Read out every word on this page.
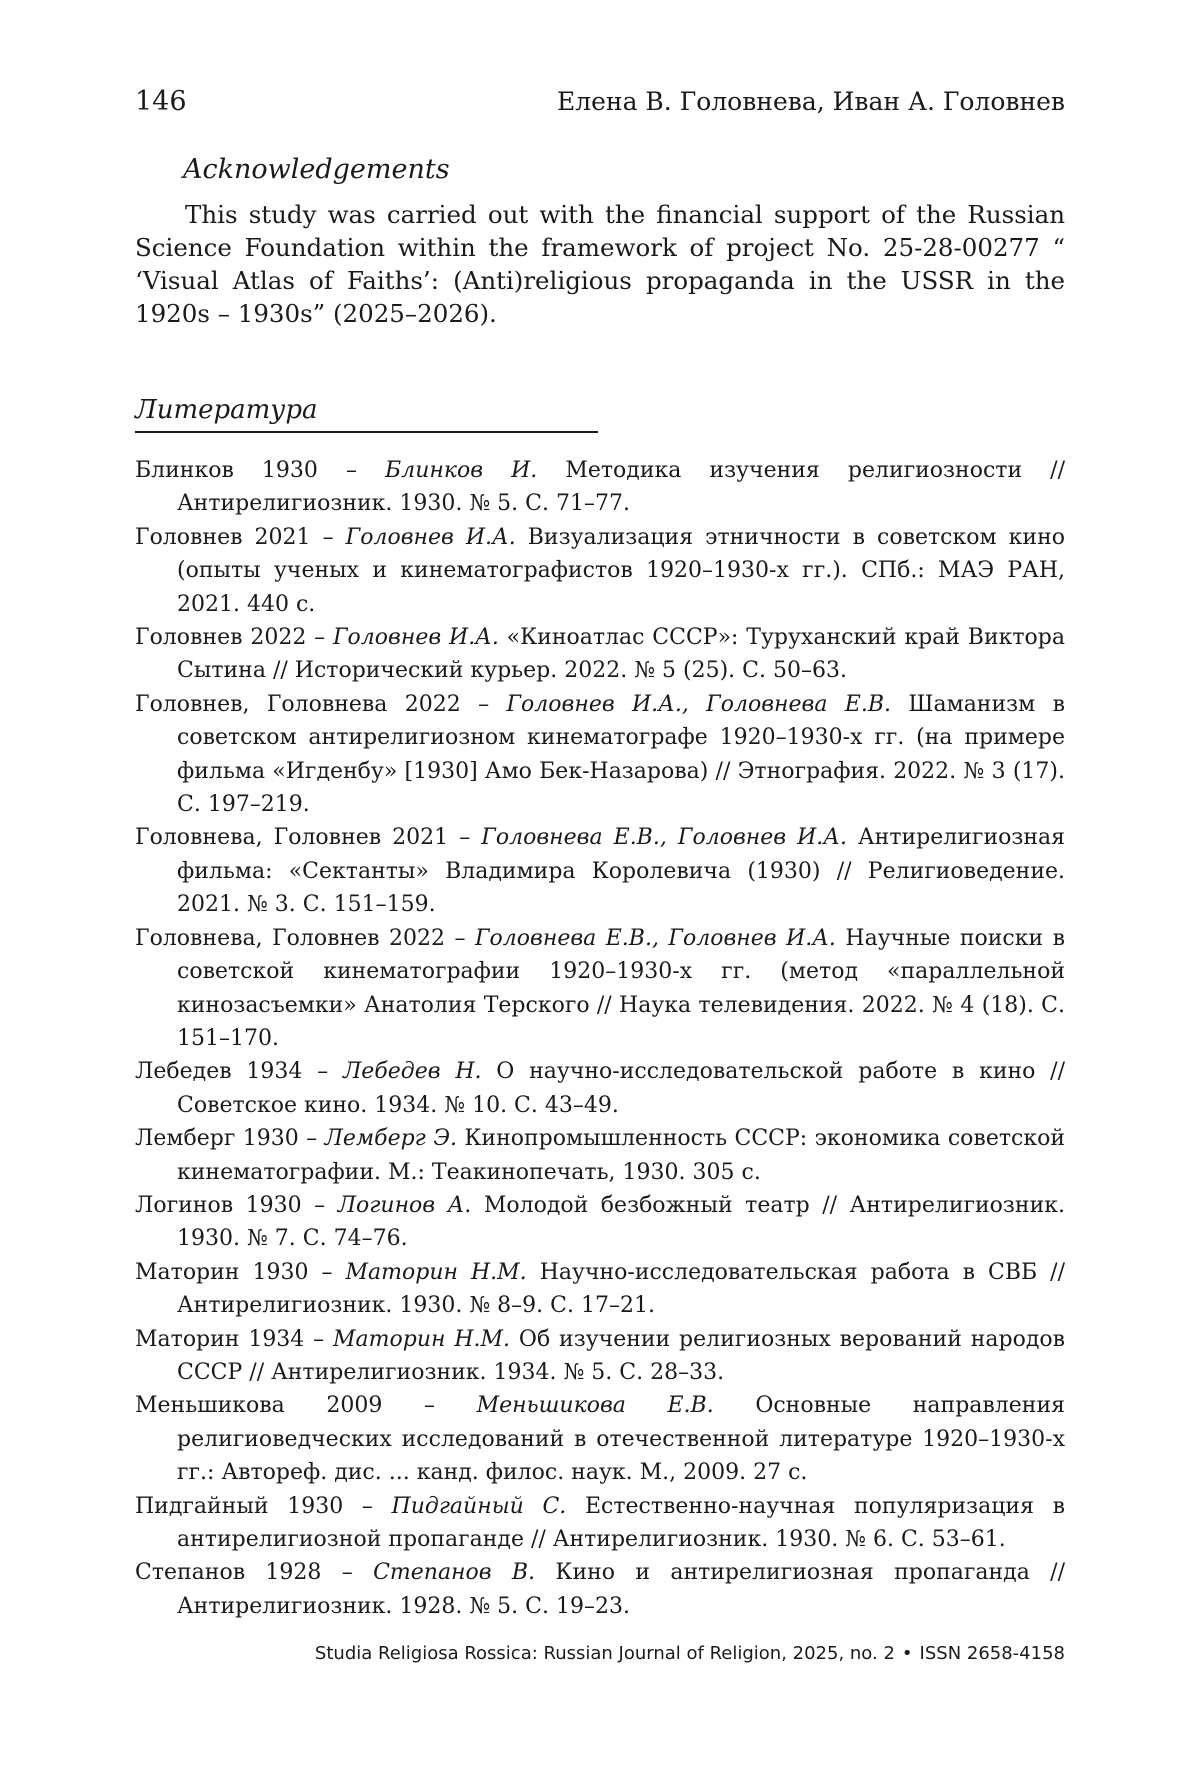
146	Елена В. Головнева, Иван А. Головнев
Acknowledgements

This study was carried out with the financial support of the Russian Science Foundation within the framework of project No. 25-28-00277 “ ‘Visual Atlas of Faiths’: (Anti)religious propaganda in the USSR in the 1920s – 1930s” (2025–2026).

Литература
Блинков 1930 – Блинков И. Методика изучения религиозности // Антирелигиозник. 1930. № 5. С. 71–77.
Головнев 2021 – Головнев И.А. Визуализация этничности в советском кино (опыты ученых и кинематографистов 1920–1930-х гг.). СПб.: МАЭ РАН, 2021. 440 с.
Головнев 2022 – Головнев И.А. «Киноатлас СССР»: Туруханский край Виктора Сытина // Исторический курьер. 2022. № 5 (25). С. 50–63.
Головнев, Головнева 2022 – Головнев И.А., Головнева Е.В. Шаманизм в советском антирелигиозном кинематографе 1920–1930-х гг. (на примере фильма «Игденбу» [1930] Амо Бек-Назарова) // Этнография. 2022. № 3 (17). С. 197–219.
Головнева, Головнев 2021 – Головнева Е.В., Головнев И.А. Антирелигиозная фильма: «Сектанты» Владимира Королевича (1930) // Религиоведение. 2021. № 3. С. 151–159.
Головнева, Головнев 2022 – Головнева Е.В., Головнев И.А. Научные поиски в советской кинематографии 1920–1930-х гг. (метод «параллельной кинозасъемки» Анатолия Терского // Наука телевидения. 2022. № 4 (18). С. 151–170.
Лебедев 1934 – Лебедев Н. О научно-исследовательской работе в кино // Советское кино. 1934. № 10. С. 43–49.
Лемберг 1930 – Лемберг Э. Кинопромышленность СССР: экономика советской кинематографии. М.: Теакинопечать, 1930. 305 с.
Логинов 1930 – Логинов А. Молодой безбожный театр // Антирелигиозник. 1930. № 7. С. 74–76.
Маторин 1930 – Маторин Н.М. Научно-исследовательская работа в СВБ // Антирелигиозник. 1930. № 8–9. С. 17–21.
Маторин 1934 – Маторин Н.М. Об изучении религиозных верований народов СССР // Антирелигиозник. 1934. № 5. С. 28–33.
Меньшикова 2009 – Меньшикова Е.В. Основные направления религиоведческих исследований в отечественной литературе 1920–1930-х гг.: Автореф. дис. ... канд. филос. наук. М., 2009. 27 с.
Пидгайный 1930 – Пидгайный С. Естественно-научная популяризация в антирелигиозной пропаганде // Антирелигиозник. 1930. № 6. С. 53–61.
Степанов 1928 – Степанов В. Кино и антирелигиозная пропаганда // Антирелигиозник. 1928. № 5. С. 19–23.
Studia Religiosa Rossica: Russian Journal of Religion, 2025, no. 2 • ISSN 2658-4158
